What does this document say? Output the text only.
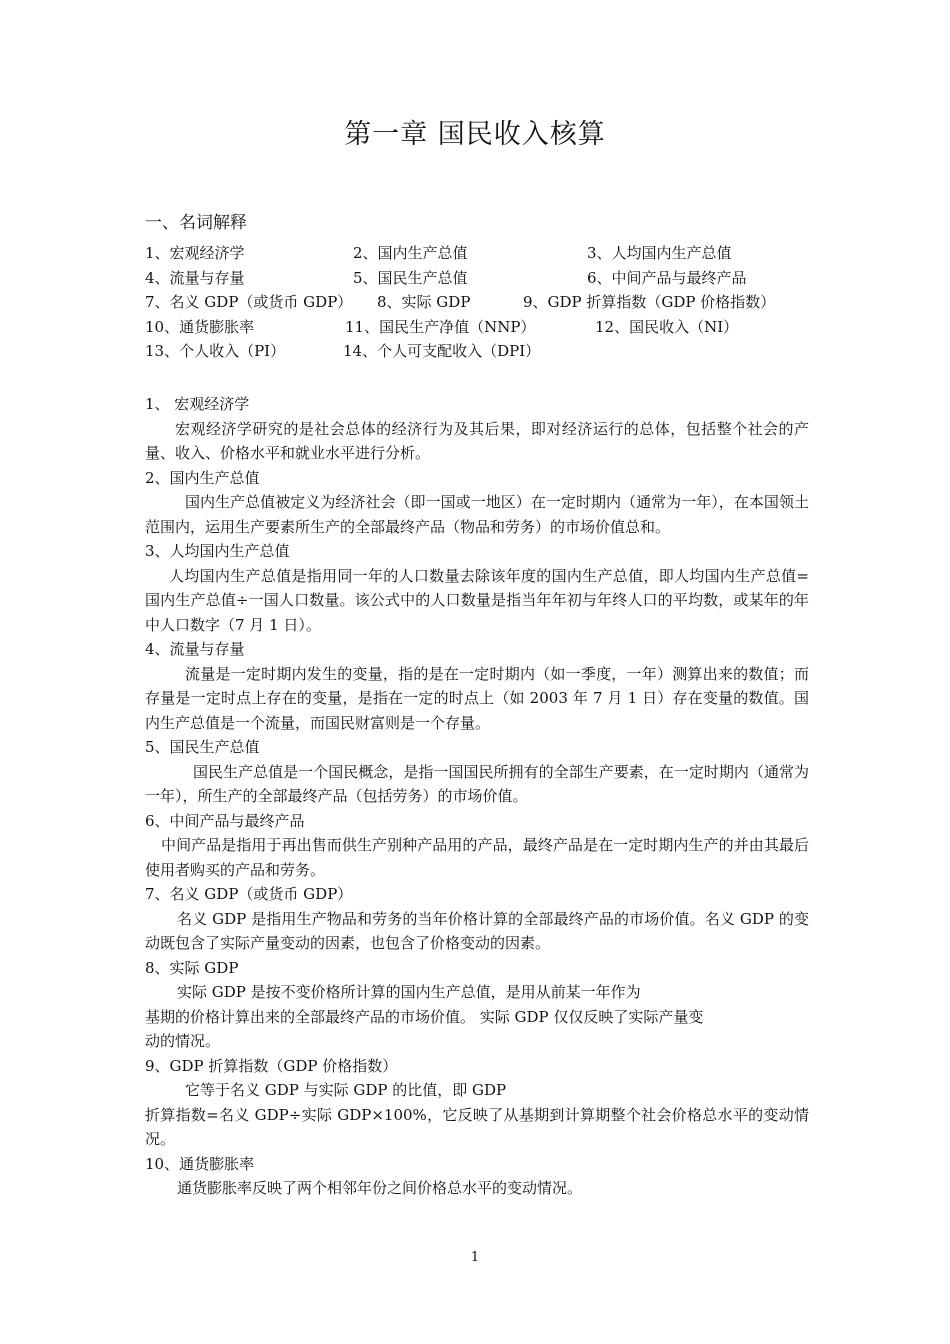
第一章 国民收入核算
一、名词解释
1、宏观经济学	2、国内生产总值	3、人均国内生产总值
4、流量与存量	5、国民生产总值	6、中间产品与最终产品
7、名义 GDP（或货币 GDP） 8、实际 GDP	9、GDP 折算指数（GDP 价格指数）
10、通货膨胀率	11、国民生产净值（NNP）	12、国民收入（NI）
13、个人收入（PI）	14、个人可支配收入（DPI）
1、 宏观经济学
宏观经济学研究的是社会总体的经济行为及其后果，即对经济运行的总体，包括整个社会的产量、收入、价格水平和就业水平进行分析。
2、国内生产总值
国内生产总值被定义为经济社会（即一国或一地区）在一定时期内（通常为一年），在本国领土范围内，运用生产要素所生产的全部最终产品（物品和劳务）的市场价值总和。
3、人均国内生产总值
人均国内生产总值是指用同一年的人口数量去除该年度的国内生产总值，即人均国内生产总值=国内生产总值÷一国人口数量。该公式中的人口数量是指当年年初与年终人口的平均数，或某年的年中人口数字（7 月 1 日）。
4、流量与存量
流量是一定时期内发生的变量，指的是在一定时期内（如一季度，一年）测算出来的数值；而存量是一定时点上存在的变量，是指在一定的时点上（如 2003 年 7 月 1 日）存在变量的数值。国内生产总值是一个流量，而国民财富则是一个存量。
5、国民生产总值
国民生产总值是一个国民概念，是指一国国民所拥有的全部生产要素，在一定时期内（通常为一年），所生产的全部最终产品（包括劳务）的市场价值。
6、中间产品与最终产品
中间产品是指用于再出售而供生产别种产品用的产品，最终产品是在一定时期内生产的并由其最后使用者购买的产品和劳务。
7、名义 GDP（或货币 GDP）
名义 GDP 是指用生产物品和劳务的当年价格计算的全部最终产品的市场价值。名义 GDP 的变动既包含了实际产量变动的因素，也包含了价格变动的因素。
8、实际 GDP
实际 GDP 是按不变价格所计算的国内生产总值，是用从前某一年作为
基期的价格计算出来的全部最终产品的市场价值。 实际 GDP 仅仅反映了实际产量变
动的情况。
9、GDP 折算指数（GDP 价格指数）
它等于名义 GDP 与实际 GDP 的比值，即 GDP
折算指数=名义 GDP÷实际 GDP×100%，它反映了从基期到计算期整个社会价格总水平的变动情况。
10、通货膨胀率
通货膨胀率反映了两个相邻年份之间价格总水平的变动情况。
1
